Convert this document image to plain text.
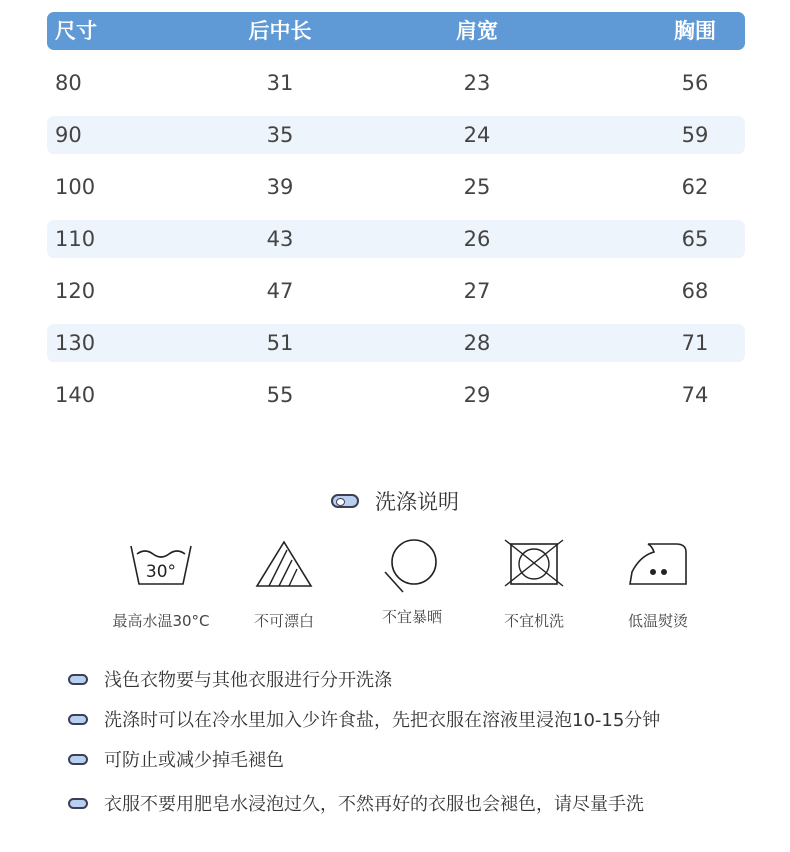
尺寸	后中长	肩宽	胸围
80	31	23	56
90	35	24	59
100	39	25	62
110	43	26	65
120	47	27	68
130	51	28	71
140	55	29	74
洗涤说明
30°
最高水温30°C	不可漂白	不宜暴晒	不宜机洗	低温熨烫
浅色衣物要与其他衣服进行分开洗涤
洗涤时可以在冷水里加入少许食盐，先把衣服在溶液里浸泡10-15分钟
可防止或减少掉毛褪色
衣服不要用肥皂水浸泡过久，不然再好的衣服也会褪色，请尽量手洗
